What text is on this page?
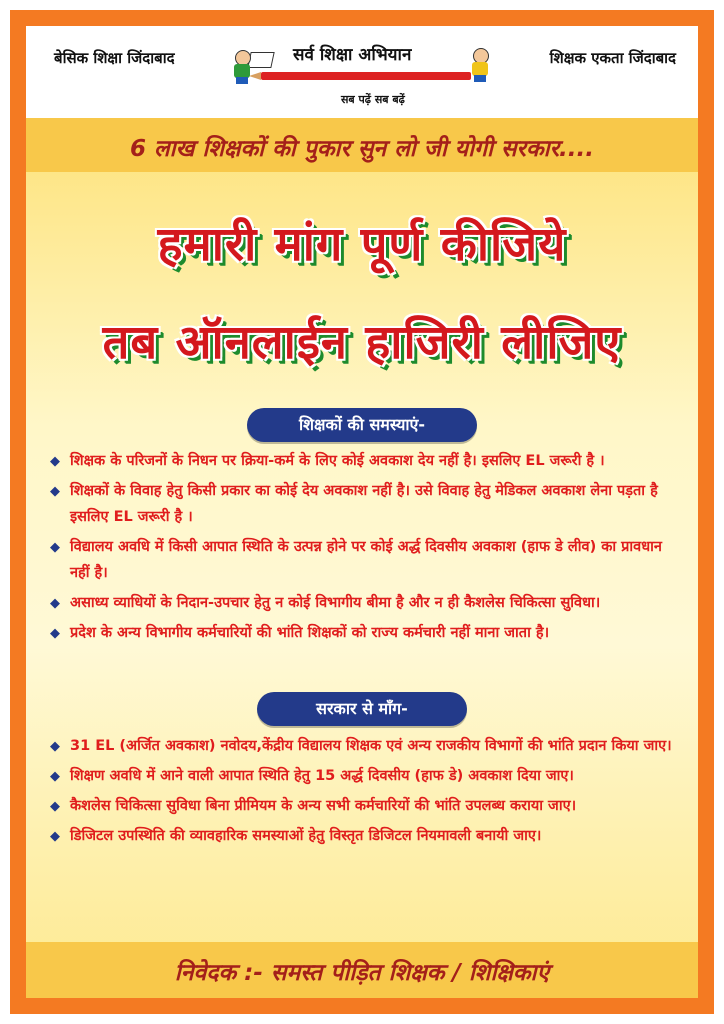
बेसिक शिक्षा जिंदाबाद	सर्व शिक्षा अभियान
सब पढ़ें सब बढ़ें
शिक्षक एकता जिंदाबाद
6 लाख शिक्षकों की पुकार सुन लो जी योगी सरकार....
हमारी मांग पूर्ण कीजिये
तब ऑनलाईन हाजिरी लीजिए
शिक्षकों की समस्याएं-
◆ शिक्षक के परिजनों के निधन पर क्रिया-कर्म के लिए कोई अवकाश देय नहीं है। इसलिए EL जरूरी है ।
◆ शिक्षकों के विवाह हेतु किसी प्रकार का कोई देय अवकाश नहीं है। उसे विवाह हेतु मेडिकल अवकाश लेना पड़ता है इसलिए EL जरूरी है ।
◆ विद्यालय अवधि में किसी आपात स्थिति के उत्पन्न होने पर कोई अर्द्ध दिवसीय अवकाश (हाफ डे लीव) का प्रावधान नहीं है।
◆ असाध्य व्याधियों के निदान-उपचार हेतु न कोई विभागीय बीमा है और न ही कैशलेस चिकित्सा सुविधा।
◆ प्रदेश के अन्य विभागीय कर्मचारियों की भांति शिक्षकों को राज्य कर्मचारी नहीं माना जाता है।
सरकार से मॉंग-
◆ 31 EL (अर्जित अवकाश) नवोदय,केंद्रीय विद्यालय शिक्षक एवं अन्य राजकीय विभागों की भांति प्रदान किया जाए।
◆ शिक्षण अवधि में आने वाली आपात स्थिति हेतु 15 अर्द्ध दिवसीय (हाफ डे) अवकाश दिया जाए।
◆ कैशलेस चिकित्सा सुविधा बिना प्रीमियम के अन्य सभी कर्मचारियों की भांति उपलब्ध कराया जाए।
◆ डिजिटल उपस्थिति की व्यावहारिक समस्याओं हेतु विस्तृत डिजिटल नियमावली बनायी जाए।
निवेदक :- समस्त पीड़ित शिक्षक / शिक्षिकाएं
